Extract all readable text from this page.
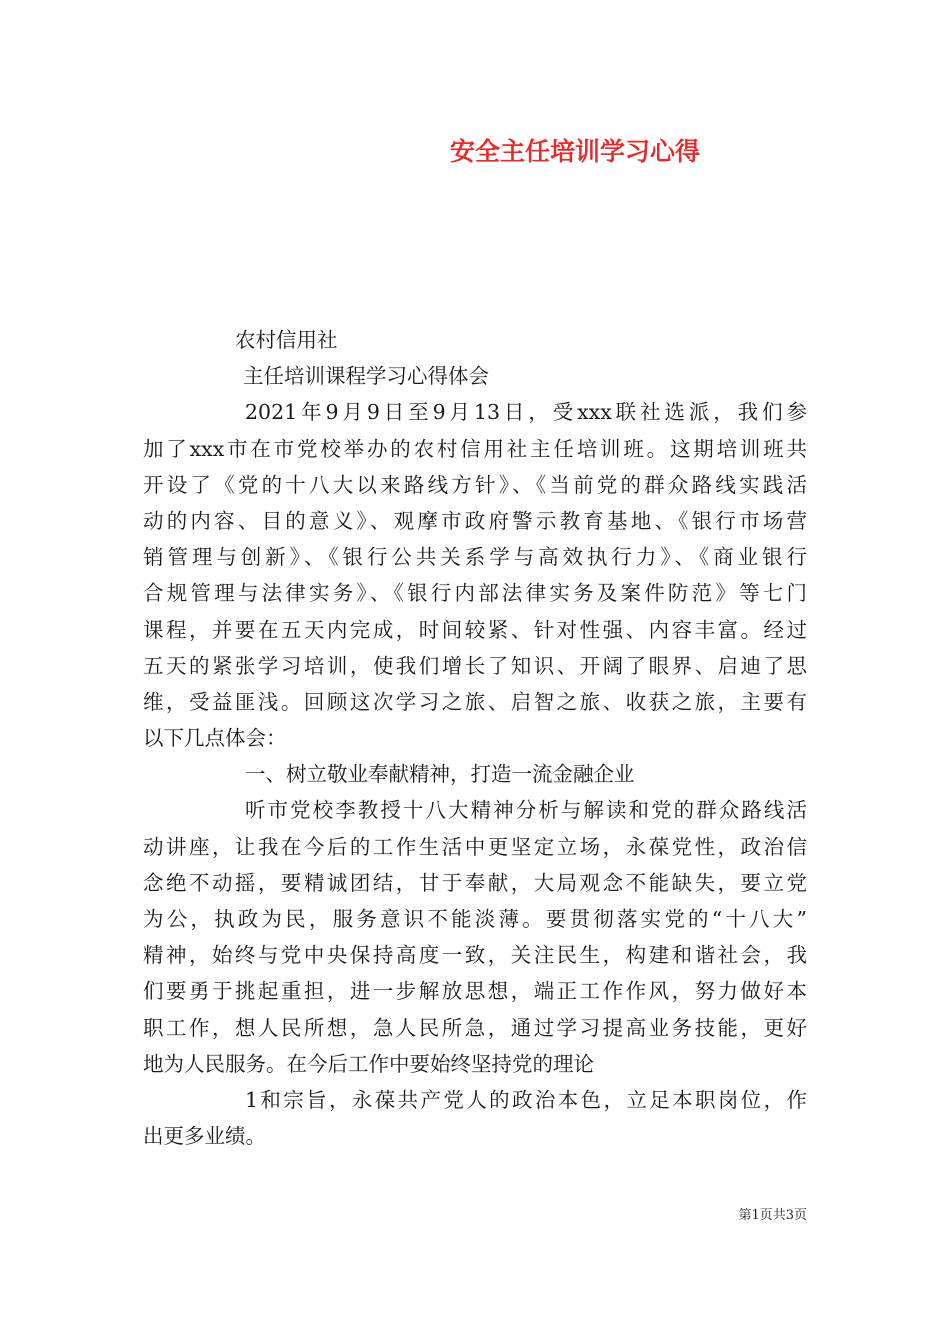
安全主任培训学习心得
农村信用社
主任培训课程学习心得体会
2021年9月9日至9月13日，受xxx联社选派，我们参
加了xxx市在市党校举办的农村信用社主任培训班。这期培训班共
开设了《党的十八大以来路线方针》、《当前党的群众路线实践活
动的内容、目的意义》、观摩市政府警示教育基地、《银行市场营
销管理与创新》、《银行公共关系学与高效执行力》、《商业银行
合规管理与法律实务》、《银行内部法律实务及案件防范》等七门
课程，并要在五天内完成，时间较紧、针对性强、内容丰富。经过
五天的紧张学习培训，使我们增长了知识、开阔了眼界、启迪了思
维，受益匪浅。回顾这次学习之旅、启智之旅、收获之旅，主要有
以下几点体会：
一、树立敬业奉献精神，打造一流金融企业
听市党校李教授十八大精神分析与解读和党的群众路线活
动讲座，让我在今后的工作生活中更坚定立场，永葆党性，政治信
念绝不动摇，要精诚团结，甘于奉献，大局观念不能缺失，要立党
为公，执政为民，服务意识不能淡薄。要贯彻落实党的“十八大”
精神，始终与党中央保持高度一致，关注民生，构建和谐社会，我
们要勇于挑起重担，进一步解放思想，端正工作作风，努力做好本
职工作，想人民所想，急人民所急，通过学习提高业务技能，更好
地为人民服务。在今后工作中要始终坚持党的理论
1和宗旨，永葆共产党人的政治本色，立足本职岗位，作
出更多业绩。
第1页共3页
